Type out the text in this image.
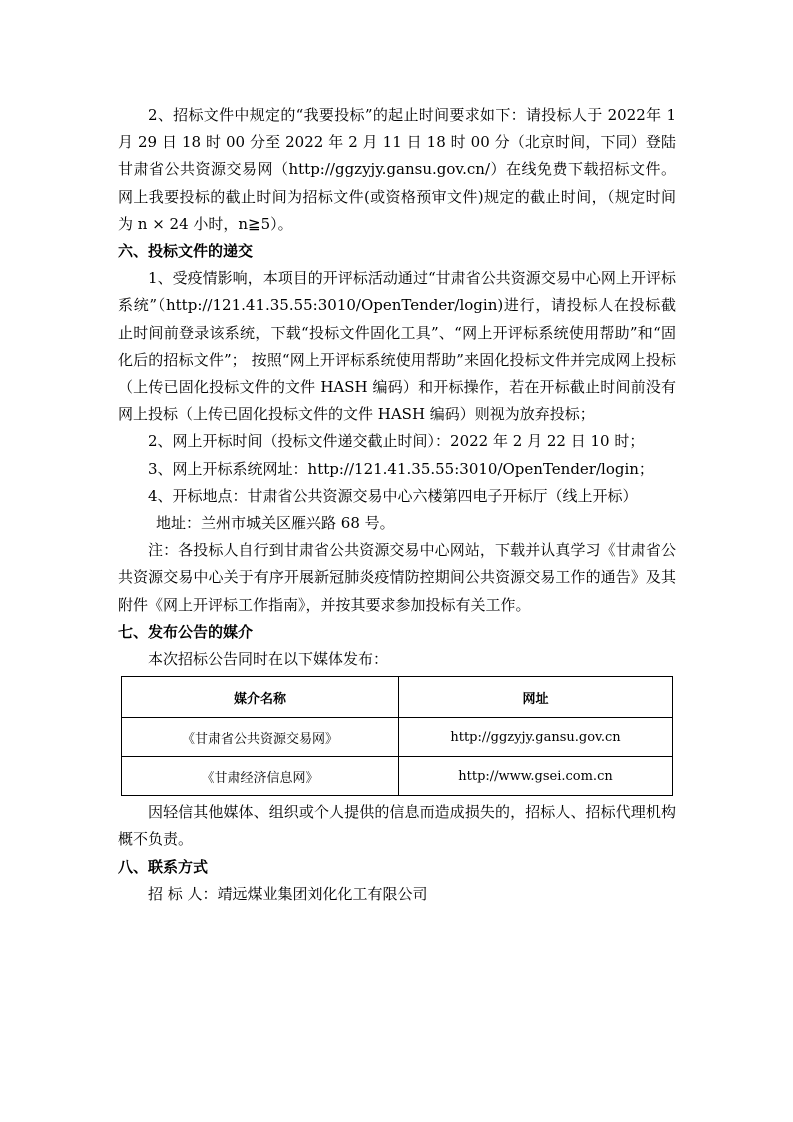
2、招标文件中规定的“我要投标”的起止时间要求如下：请投标人于 2022年 1 月 29 日 18 时 00 分至 2022 年 2 月 11 日 18 时 00 分（北京时间，下同）登陆甘肃省公共资源交易网（http://ggzyjy.gansu.gov.cn/）在线免费下载招标文件。网上我要投标的截止时间为招标文件(或资格预审文件)规定的截止时间，（规定时间为 n × 24 小时，n≧5）。

六、投标文件的递交

1、受疫情影响，本项目的开评标活动通过“甘肃省公共资源交易中心网上开评标系统”（http://121.41.35.55:3010/OpenTender/login)进行，请投标人在投标截止时间前登录该系统，下载“投标文件固化工具”、“网上开评标系统使用帮助”和“固化后的招标文件”； 按照“网上开评标系统使用帮助”来固化投标文件并完成网上投标（上传已固化投标文件的文件 HASH 编码）和开标操作，若在开标截止时间前没有网上投标（上传已固化投标文件的文件 HASH 编码）则视为放弃投标；

2、网上开标时间（投标文件递交截止时间）：2022 年 2 月 22 日 10 时；

3、网上开标系统网址：http://121.41.35.55:3010/OpenTender/login；

4、开标地点：甘肃省公共资源交易中心六楼第四电子开标厅（线上开标）

地址：兰州市城关区雁兴路 68 号。

注：各投标人自行到甘肃省公共资源交易中心网站，下载并认真学习《甘肃省公共资源交易中心关于有序开展新冠肺炎疫情防控期间公共资源交易工作的通告》及其附件《网上开评标工作指南》，并按其要求参加投标有关工作。

七、发布公告的媒介

本次招标公告同时在以下媒体发布：

媒介名称	网址
《甘肃省公共资源交易网》	http://ggzyjy.gansu.gov.cn
《甘肃经济信息网》	http://www.gsei.com.cn

因轻信其他媒体、组织或个人提供的信息而造成损失的，招标人、招标代理机构概不负责。

八、联系方式

招 标 人：靖远煤业集团刘化化工有限公司
